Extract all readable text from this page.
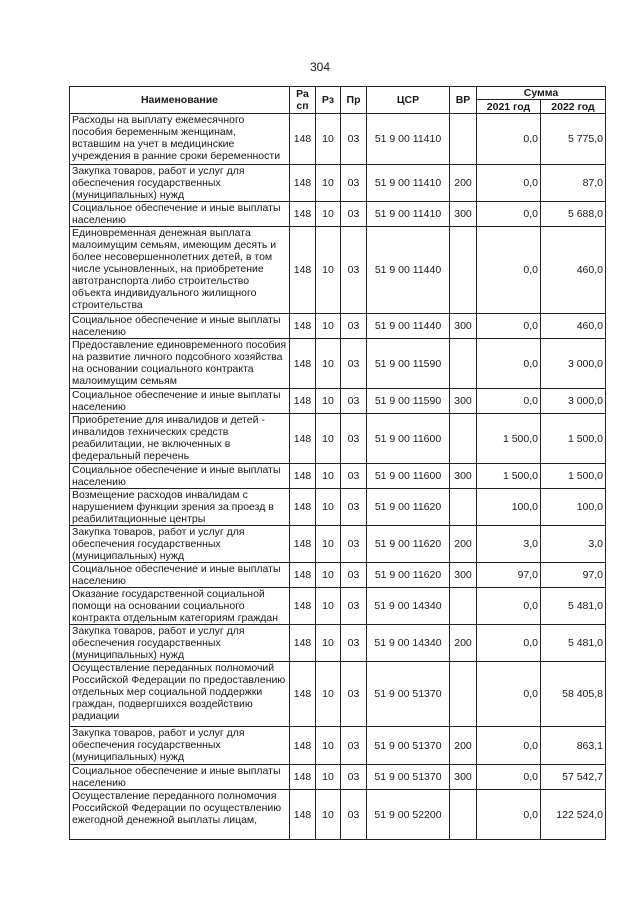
304
Наименование	Ра сп	Рз	Пр	ЦСР	ВР	Сумма	
						2021 год	2022 год
Расходы на выплату ежемесячного пособия беременным женщинам, вставшим на учет в медицинские учреждения в ранние сроки беременности	148	10	03	51 9 00 11410		0,0	5 775,0
Закупка товаров, работ и услуг для обеспечения государственных (муниципальных) нужд	148	10	03	51 9 00 11410	200	0,0	87,0
Социальное обеспечение и иные выплаты населению	148	10	03	51 9 00 11410	300	0,0	5 688,0
Единовременная денежная выплата малоимущим семьям, имеющим десять и более несовершеннолетних детей, в том числе усыновленных, на приобретение автотранспорта либо строительство объекта индивидуального жилищного строительства	148	10	03	51 9 00 11440		0,0	460,0
Социальное обеспечение и иные выплаты населению	148	10	03	51 9 00 11440	300	0,0	460,0
Предоставление единовременного пособия на развитие личного подсобного хозяйства на основании социального контракта малоимущим семьям	148	10	03	51 9 00 11590		0,0	3 000,0
Социальное обеспечение и иные выплаты населению	148	10	03	51 9 00 11590	300	0,0	3 000,0
Приобретение для инвалидов и детей - инвалидов технических средств реабилитации, не включенных в федеральный перечень	148	10	03	51 9 00 11600		1 500,0	1 500,0
Социальное обеспечение и иные выплаты населению	148	10	03	51 9 00 11600	300	1 500,0	1 500,0
Возмещение расходов инвалидам с нарушением функции зрения за проезд в реабилитационные центры	148	10	03	51 9 00 11620		100,0	100,0
Закупка товаров, работ и услуг для обеспечения государственных (муниципальных) нужд	148	10	03	51 9 00 11620	200	3,0	3,0
Социальное обеспечение и иные выплаты населению	148	10	03	51 9 00 11620	300	97,0	97,0
Оказание государственной социальной помощи на основании социального контракта отдельным категориям граждан	148	10	03	51 9 00 14340		0,0	5 481,0
Закупка товаров, работ и услуг для обеспечения государственных (муниципальных) нужд	148	10	03	51 9 00 14340	200	0,0	5 481,0
Осуществление переданных полномочий Российской Федерации по предоставлению отдельных мер социальной поддержки граждан, подвергшихся воздействию радиации	148	10	03	51 9 00 51370		0,0	58 405,8
Закупка товаров, работ и услуг для обеспечения государственных (муниципальных) нужд	148	10	03	51 9 00 51370	200	0,0	863,1
Социальное обеспечение и иные выплаты населению	148	10	03	51 9 00 51370	300	0,0	57 542,7
Осуществление переданного полномочия Российской Федерации по осуществлению ежегодной денежной выплаты лицам,	148	10	03	51 9 00 52200		0,0	122 524,0
